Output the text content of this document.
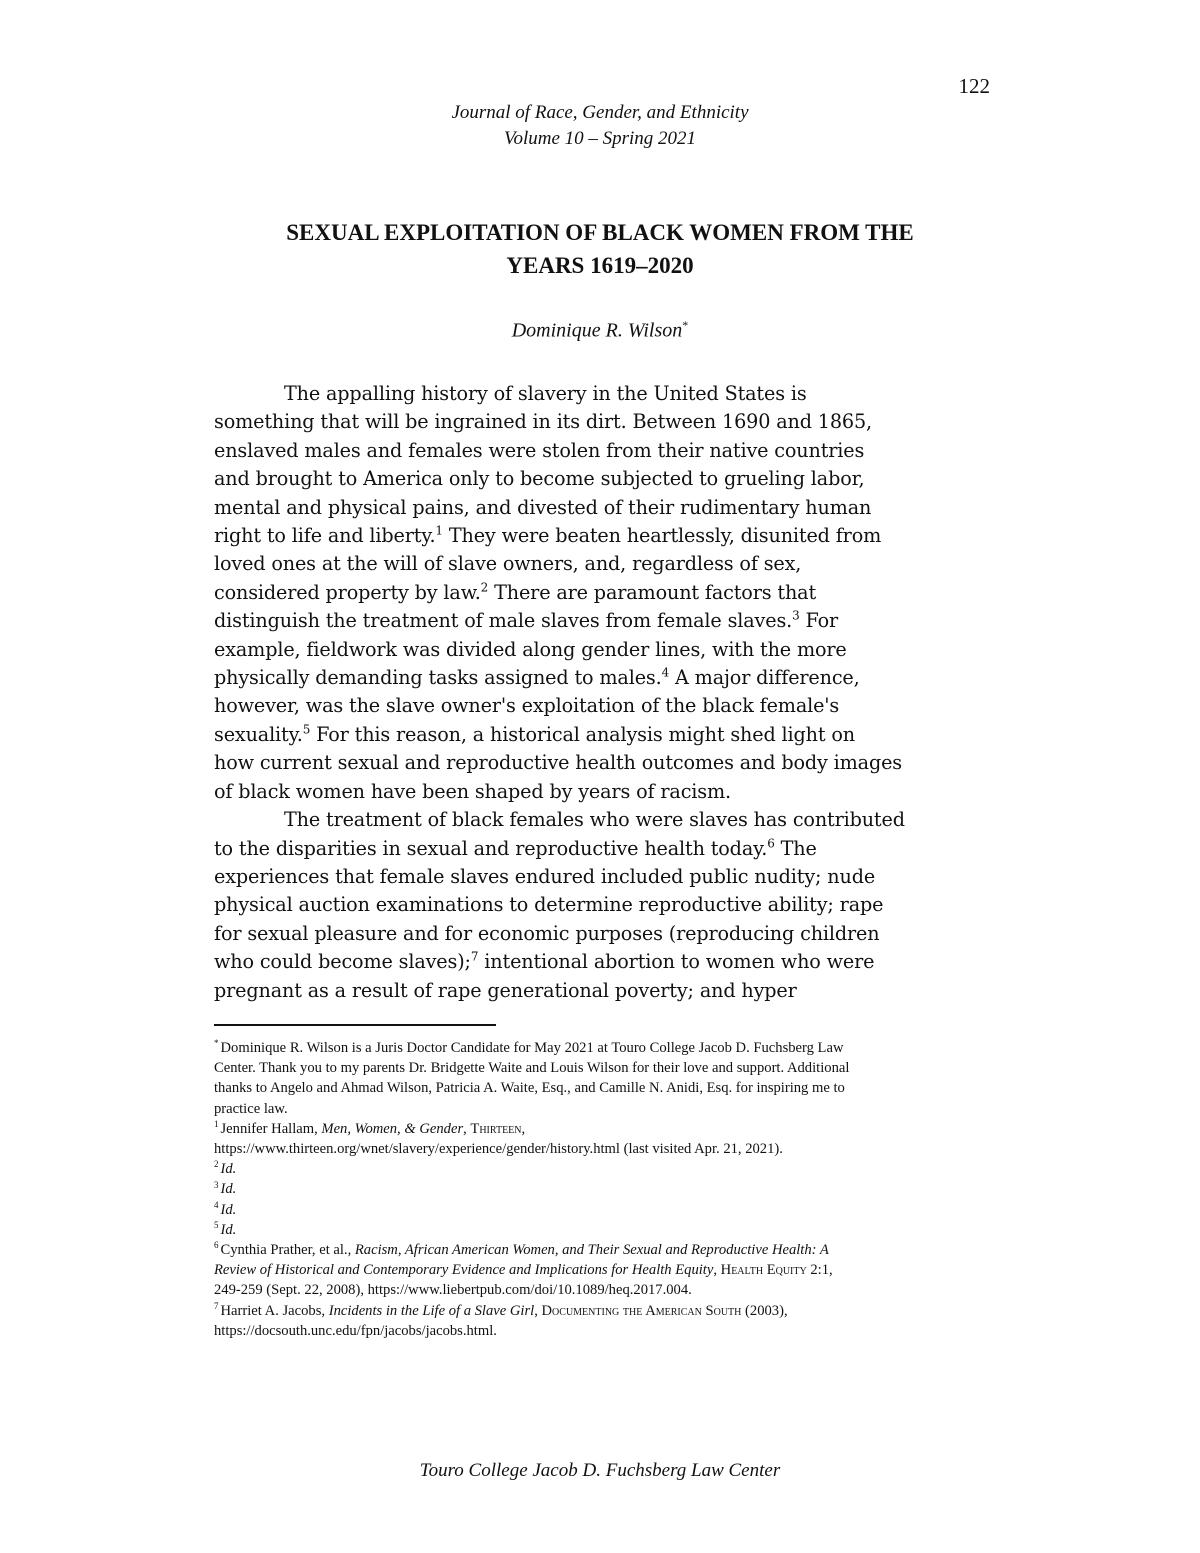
122
Journal of Race, Gender, and Ethnicity
Volume 10 – Spring 2021
SEXUAL EXPLOITATION OF BLACK WOMEN FROM THE
YEARS 1619–2020
Dominique R. Wilson*
The appalling history of slavery in the United States is
something that will be ingrained in its dirt. Between 1690 and 1865,
enslaved males and females were stolen from their native countries
and brought to America only to become subjected to grueling labor,
mental and physical pains, and divested of their rudimentary human
right to life and liberty.$^1$ They were beaten heartlessly, disunited from
loved ones at the will of slave owners, and, regardless of sex,
considered property by law.$^2$ There are paramount factors that
distinguish the treatment of male slaves from female slaves.$^3$ For
example, fieldwork was divided along gender lines, with the more
physically demanding tasks assigned to males.$^4$ A major difference,
however, was the slave owner's exploitation of the black female's
sexuality.$^5$ For this reason, a historical analysis might shed light on
how current sexual and reproductive health outcomes and body images
of black women have been shaped by years of racism.
The treatment of black females who were slaves has contributed
to the disparities in sexual and reproductive health today.$^6$ The
experiences that female slaves endured included public nudity; nude
physical auction examinations to determine reproductive ability; rape
for sexual pleasure and for economic purposes (reproducing children
who could become slaves);$^7$ intentional abortion to women who were
pregnant as a result of rape generational poverty; and hyper
* Dominique R. Wilson is a Juris Doctor Candidate for May 2021 at Touro College Jacob D. Fuchsberg Law
Center. Thank you to my parents Dr. Bridgette Waite and Louis Wilson for their love and support. Additional
thanks to Angelo and Ahmad Wilson, Patricia A. Waite, Esq., and Camille N. Anidi, Esq. for inspiring me to
practice law.
$^1$ Jennifer Hallam, Men, Women, & Gender, Thirteen,
https://www.thirteen.org/wnet/slavery/experience/gender/history.html (last visited Apr. 21, 2021).
$^2$ Id.
$^3$ Id.
$^4$ Id.
$^5$ Id.
$^6$ Cynthia Prather, et al., Racism, African American Women, and Their Sexual and Reproductive Health: A
Review of Historical and Contemporary Evidence and Implications for Health Equity, Health Equity 2:1,
249-259 (Sept. 22, 2008), https://www.liebertpub.com/doi/10.1089/heq.2017.004.
$^7$ Harriet A. Jacobs, Incidents in the Life of a Slave Girl, Documenting the American South (2003),
https://docsouth.unc.edu/fpn/jacobs/jacobs.html.
Touro College Jacob D. Fuchsberg Law Center
